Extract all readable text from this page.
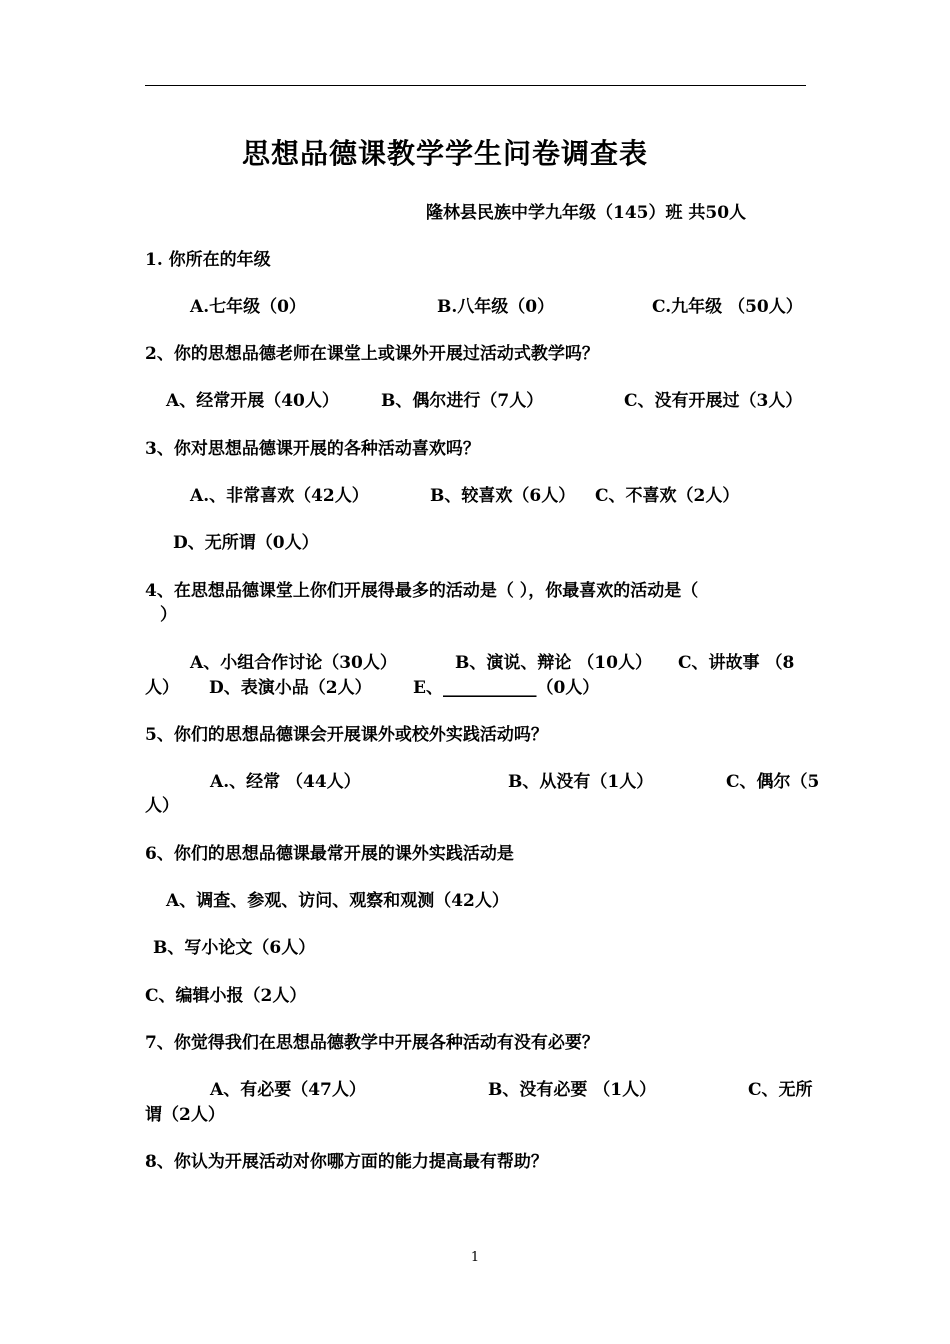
思想品德课教学学生问卷调查表
隆林县民族中学九年级（145）班 共50人
1. 你所在的年级
A.七年级（0）	B.八年级（0）	C.九年级 （50人）
2、你的思想品德老师在课堂上或课外开展过活动式教学吗？
A、经常开展（40人） B、偶尔进行（7人）	C、没有开展过（3人）
3、你对思想品德课开展的各种活动喜欢吗？
A.、非常喜欢（42人）	B、较喜欢（6人） C、不喜欢（2人）
D、无所谓（0人）
4、在思想品德课堂上你们开展得最多的活动是（ ），你最喜欢的活动是（
）
A、小组合作讨论（30人）	B、演说、辩论 （10人） C、讲故事 （8
人） D、表演小品（2人） E、___________（0人）
5、你们的思想品德课会开展课外或校外实践活动吗？
A.、经常 （44人）	B、从没有（1人）	C、偶尔（5
人）
6、你们的思想品德课最常开展的课外实践活动是
A、调查、参观、访问、观察和观测（42人）
B、写小论文（6人）
C、编辑小报（2人）
7、你觉得我们在思想品德教学中开展各种活动有没有必要？
A、有必要（47人）	B、没有必要 （1人）	C、无所
谓（2人）
8、你认为开展活动对你哪方面的能力提高最有帮助？
1
